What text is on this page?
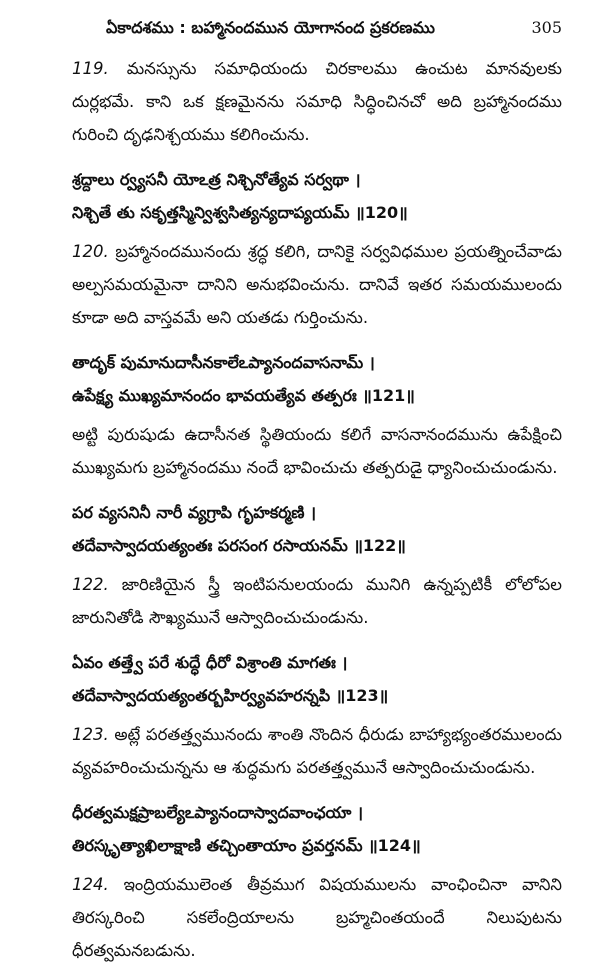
ఏకాదశము : బహ్మానందమున యోగానంద ప్రకరణము	305

119. మనస్సును సమాధియందు చిరకాలము ఉంచుట మానవులకు దుర్లభమే. కాని ఒక క్షణమైనను సమాధి సిద్ధించినచో అది బ్రహ్మానందము గురించి దృఢనిశ్చయము కలిగించును.

శ్రద్దాలు ర్వ్యసనీ యోఽత్ర నిశ్చినోత్యేవ సర్వథా ।
నిశ్చితే తు సకృత్తస్మిన్విశ్వసిత్యన్యదాప్యయమ్ ॥120॥

120. బ్రహ్మానందమునందు శ్రద్ధ కలిగి, దానికై సర్వవిధముల ప్రయత్నించేవాడు అల్పసమయమైనా దానిని అనుభవించును. దానివే ఇతర సమయములందు కూడా అది వాస్తవమే అని యతడు గుర్తించును.

తాదృక్ పుమానుదాసీనకాలేఽప్యానందవాసనామ్ ।
ఉపేక్ష్య ముఖ్యమానందం భావయత్యేవ తత్పరః ॥121॥

అట్టి పురుషుడు ఉదాసీనత స్థితియందు కలిగే వాసనానందమును ఉపేక్షించి ముఖ్యమగు బ్రహ్మానందము నందే భావించుచు తత్పరుడై ధ్యానించుచుండును.

పర వ్యసనినీ నారీ వ్యగ్రాపి గృహకర్మణి ।
తదేవాస్వాదయత్యంతః పరసంగ రసాయనమ్ ॥122॥

122. జారిణియైన స్త్రీ ఇంటిపనులయందు మునిగి ఉన్నప్పటికీ లోలోపల జారునితోడి సౌఖ్యమునే ఆస్వాదించుచుండును.

ఏవం తత్త్వే పరే శుద్ధే ధీరో విశ్రాంతి మాగతః ।
తదేవాస్వాదయత్యంతర్బహిర్వ్యవహరన్నపి ॥123॥

123. అట్లే పరతత్త్వమునందు శాంతి నొందిన ధీరుడు బాహ్యాభ్యంతరములందు వ్యవహరించుచున్నను ఆ శుద్ధమగు పరతత్త్వమునే ఆస్వాదించుచుండును.

ధీరత్వమక్షప్రాబల్యేఽప్యానందాస్వాదవాంఛయా ।
తిరస్కృత్యాఖిలాక్షాణి తచ్చింతాయాం ప్రవర్తనమ్ ॥124॥

124. ఇంద్రియములెంత తీవ్రముగ విషయములను వాంఛించినా వానిని తిరస్కరించి సకలేంద్రియాలను బ్రహ్మచింతయందే నిలుపుటను ధీరత్వమనబడును.
